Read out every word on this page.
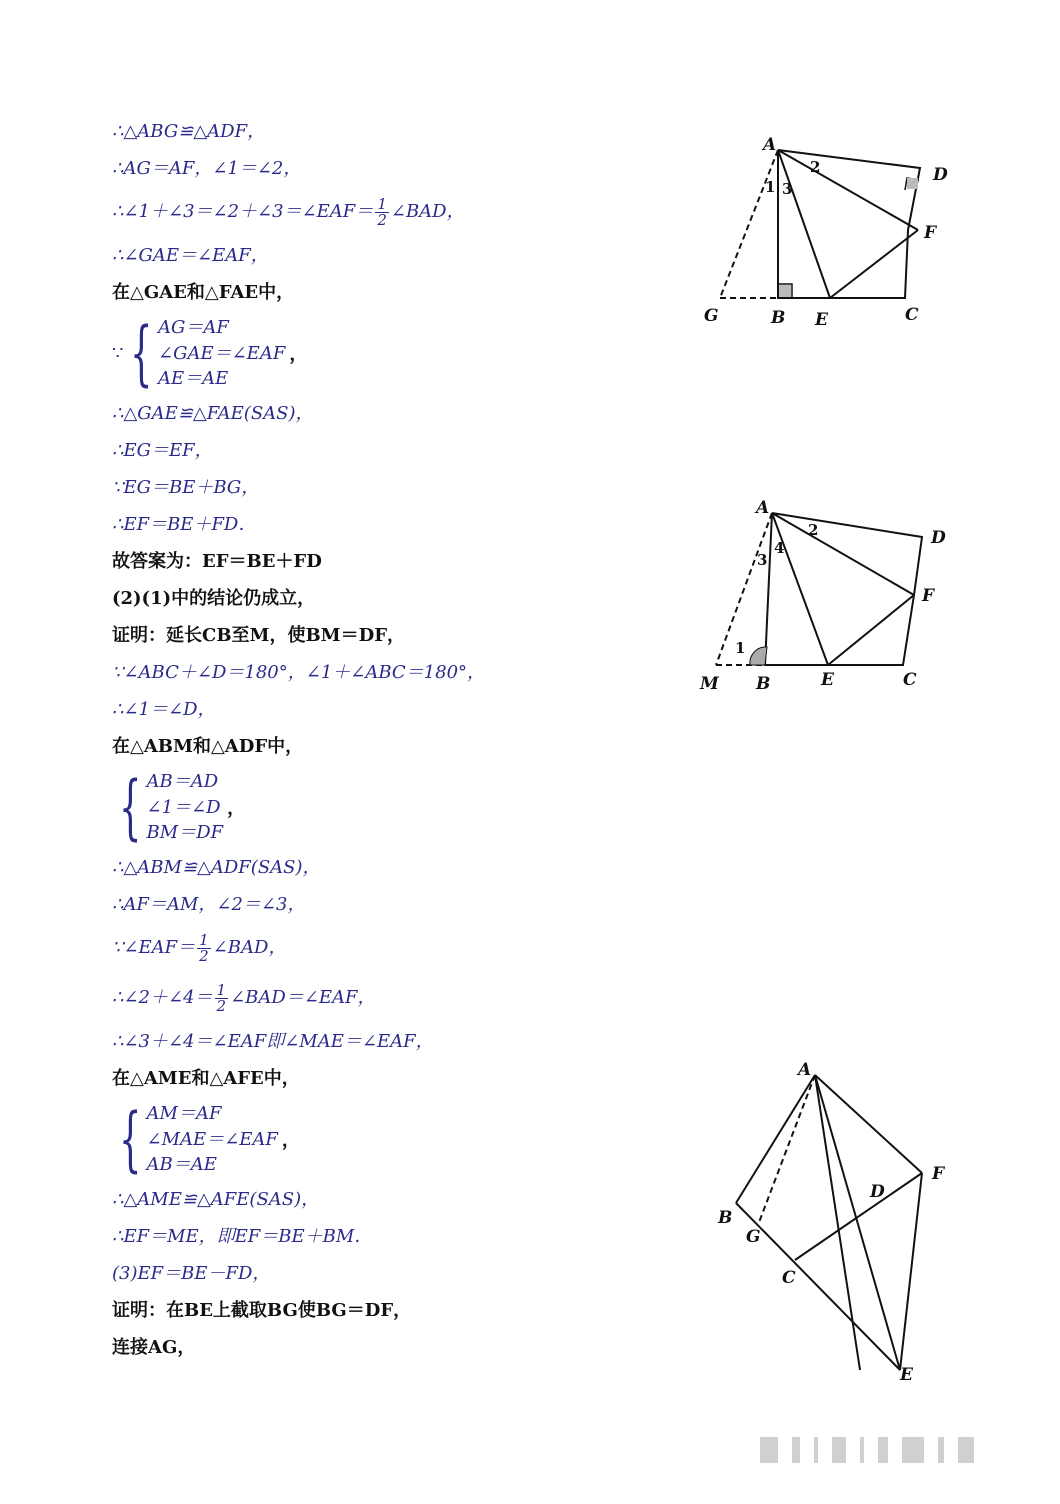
∴△ABG≌△ADF，
∴AG＝AF，∠1＝∠2，
∴∠1＋∠3＝∠2＋∠3＝∠EAF＝ $\frac{1}{2}$ ∠BAD，
∴∠GAE＝∠EAF，
在△GAE和△FAE中，
∵ { AG＝AF
∠GAE＝∠EAF
AE＝AE
，
∴△GAE≌△FAE(SAS)，
∴EG＝EF，
∵EG＝BE＋BG，
∴EF＝BE＋FD．
故答案为：EF＝BE＋FD
(2)(1)中的结论仍成立，
证明：延长CB至M，使BM＝DF，
∵∠ABC＋∠D＝180°，∠1＋∠ABC＝180°，
∴∠1＝∠D，
在△ABM和△ADF中，
{ AB＝AD
∠1＝∠D
BM＝DF
，
∴△ABM≌△ADF(SAS)，
∴AF＝AM，∠2＝∠3，
∵∠EAF＝ $\frac{1}{2}$ ∠BAD，
∴∠2＋∠4＝ $\frac{1}{2}$ ∠BAD＝∠EAF，
∴∠3＋∠4＝∠EAF即∠MAE＝∠EAF，
在△AME和△AFE中，
{ AM＝AF
∠MAE＝∠EAF
AB＝AE
，
∴△AME≌△AFE(SAS)，
∴EF＝ME，即EF＝BE＋BM．
(3)EF＝BE－FD，
证明：在BE上截取BG使BG＝DF，
连接AG，
A
D
F
C
E
B
G
1 3
2
A
D
F
C
E
B
M
1
3
4
2
A
F
D
B
G
C
E
